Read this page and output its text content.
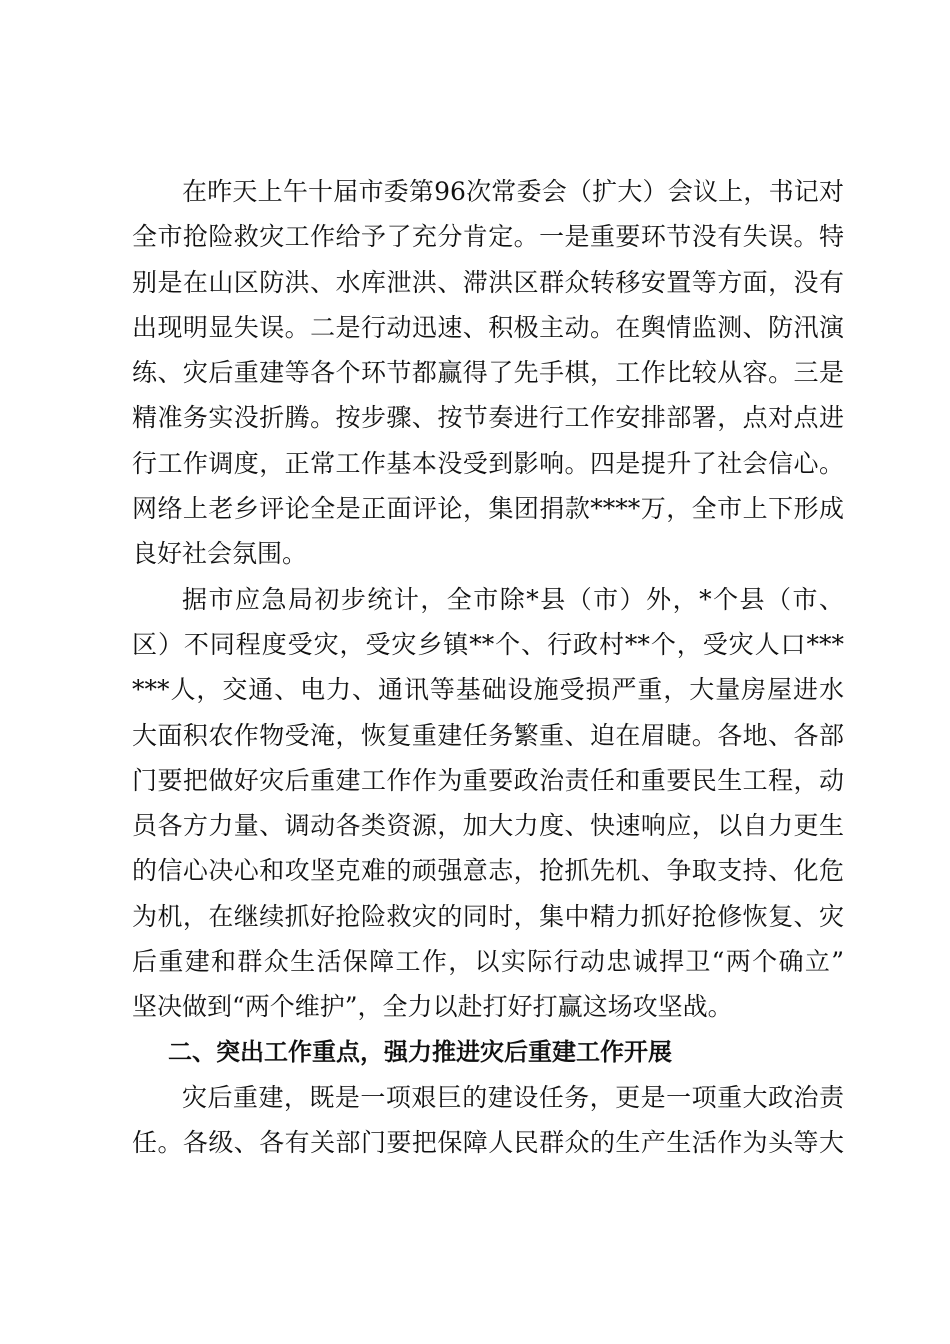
在昨天上午十届市委第96次常委会（扩大）会议上，书记对
全市抢险救灾工作给予了充分肯定。一是重要环节没有失误。特
别是在山区防洪、水库泄洪、滞洪区群众转移安置等方面，没有
出现明显失误。二是行动迅速、积极主动。在舆情监测、防汛演
练、灾后重建等各个环节都赢得了先手棋，工作比较从容。三是
精准务实没折腾。按步骤、按节奏进行工作安排部署，点对点进
行工作调度，正常工作基本没受到影响。四是提升了社会信心。
网络上老乡评论全是正面评论，集团捐款****万，全市上下形成
良好社会氛围。
据市应急局初步统计，全市除*县（市）外，*个县（市、
区）不同程度受灾，受灾乡镇**个、行政村**个，受灾人口***
***人，交通、电力、通讯等基础设施受损严重，大量房屋进水
大面积农作物受淹，恢复重建任务繁重、迫在眉睫。各地、各部
门要把做好灾后重建工作作为重要政治责任和重要民生工程，动
员各方力量、调动各类资源，加大力度、快速响应，以自力更生
的信心决心和攻坚克难的顽强意志，抢抓先机、争取支持、化危
为机，在继续抓好抢险救灾的同时，集中精力抓好抢修恢复、灾
后重建和群众生活保障工作，以实际行动忠诚捍卫“两个确立”
坚决做到“两个维护”，全力以赴打好打赢这场攻坚战。
二、突出工作重点，强力推进灾后重建工作开展
灾后重建，既是一项艰巨的建设任务，更是一项重大政治责
任。各级、各有关部门要把保障人民群众的生产生活作为头等大
